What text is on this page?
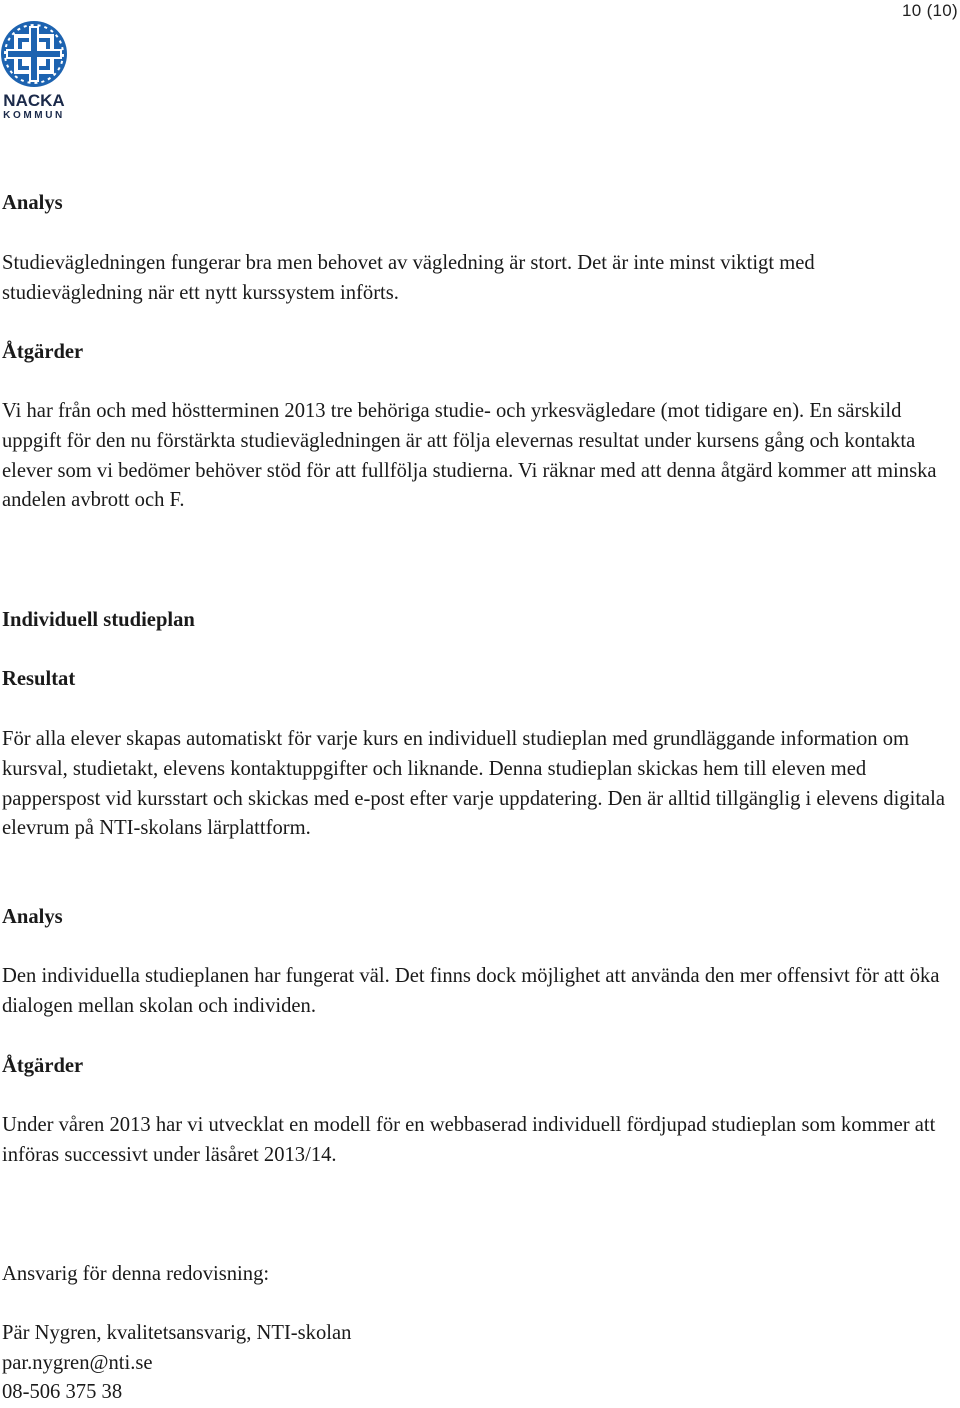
NACKA
KOMMUN
10 (10)
Analys

Studievägledningen fungerar bra men behovet av vägledning är stort. Det är inte minst viktigt med studievägledning när ett nytt kurssystem införts.

Åtgärder

Vi har från och med höstterminen 2013 tre behöriga studie- och yrkesvägledare (mot tidigare en). En särskild uppgift för den nu förstärkta studievägledningen är att följa elevernas resultat under kursens gång och kontakta elever som vi bedömer behöver stöd för att fullfölja studierna. Vi räknar med att denna åtgärd kommer att minska andelen avbrott och F.

Individuell studieplan
Resultat

För alla elever skapas automatiskt för varje kurs en individuell studieplan med grundläggande information om kursval, studietakt, elevens kontaktuppgifter och liknande. Denna studieplan skickas hem till eleven med papperspost vid kursstart och skickas med e-post efter varje uppdatering. Den är alltid tillgänglig i elevens digitala elevrum på NTI-skolans lärplattform.

Analys

Den individuella studieplanen har fungerat väl. Det finns dock möjlighet att använda den mer offensivt för att öka dialogen mellan skolan och individen.

Åtgärder

Under våren 2013 har vi utvecklat en modell för en webbaserad individuell fördjupad studieplan som kommer att införas successivt under läsåret 2013/14.

Ansvarig för denna redovisning:
Pär Nygren, kvalitetsansvarig, NTI-skolan
par.nygren@nti.se
08-506 375 38
